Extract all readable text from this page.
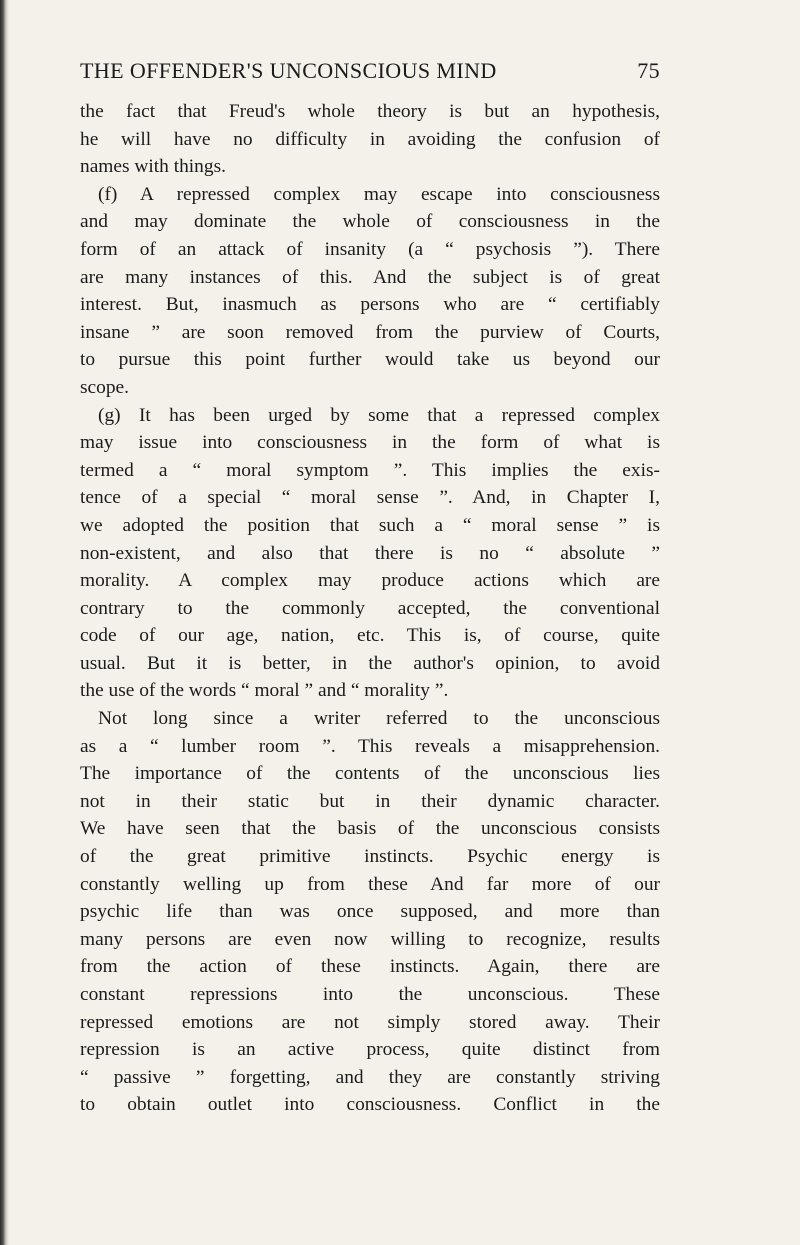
THE OFFENDER'S UNCONSCIOUS MIND	75
the fact that Freud's whole theory is but an hypothesis,
he will have no difficulty in avoiding the confusion of
names with things.
(f) A repressed complex may escape into consciousness
and may dominate the whole of consciousness in the
form of an attack of insanity (a “ psychosis ”). There
are many instances of this. And the subject is of great
interest. But, inasmuch as persons who are “ certifiably
insane ” are soon removed from the purview of Courts,
to pursue this point further would take us beyond our
scope.
(g) It has been urged by some that a repressed complex
may issue into consciousness in the form of what is
termed a “ moral symptom ”. This implies the exis-
tence of a special “ moral sense ”. And, in Chapter I,
we adopted the position that such a “ moral sense ” is
non-existent, and also that there is no “ absolute ”
morality. A complex may produce actions which are
contrary to the commonly accepted, the conventional
code of our age, nation, etc. This is, of course, quite
usual. But it is better, in the author's opinion, to avoid
the use of the words “ moral ” and “ morality ”.
Not long since a writer referred to the unconscious
as a “ lumber room ”. This reveals a misapprehension.
The importance of the contents of the unconscious lies
not in their static but in their dynamic character.
We have seen that the basis of the unconscious consists
of the great primitive instincts. Psychic energy is
constantly welling up from these And far more of our
psychic life than was once supposed, and more than
many persons are even now willing to recognize, results
from the action of these instincts. Again, there are
constant repressions into the unconscious. These
repressed emotions are not simply stored away. Their
repression is an active process, quite distinct from
“ passive ” forgetting, and they are constantly striving
to obtain outlet into consciousness. Conflict in the
